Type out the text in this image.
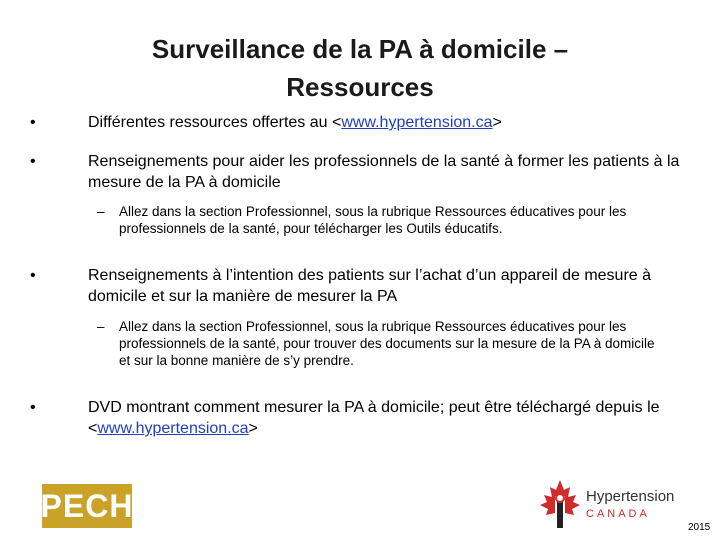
Surveillance de la PA à domicile –
Ressources
•	Différentes ressources offertes au <www.hypertension.ca>
•	Renseignements pour aider les professionnels de la santé à former les patients à la mesure de la PA à domicile
– Allez dans la section Professionnel, sous la rubrique Ressources éducatives pour les professionnels de la santé, pour télécharger les Outils éducatifs.
•	Renseignements à l’intention des patients sur l’achat d’un appareil de mesure à domicile et sur la manière de mesurer la PA
– Allez dans la section Professionnel, sous la rubrique Ressources éducatives pour les professionnels de la santé, pour trouver des documents sur la mesure de la PA à domicile et sur la bonne manière de s’y prendre.
•	DVD montrant comment mesurer la PA à domicile; peut être téléchargé depuis le <www.hypertension.ca>
PECH	Hypertension
CANADA
2015
